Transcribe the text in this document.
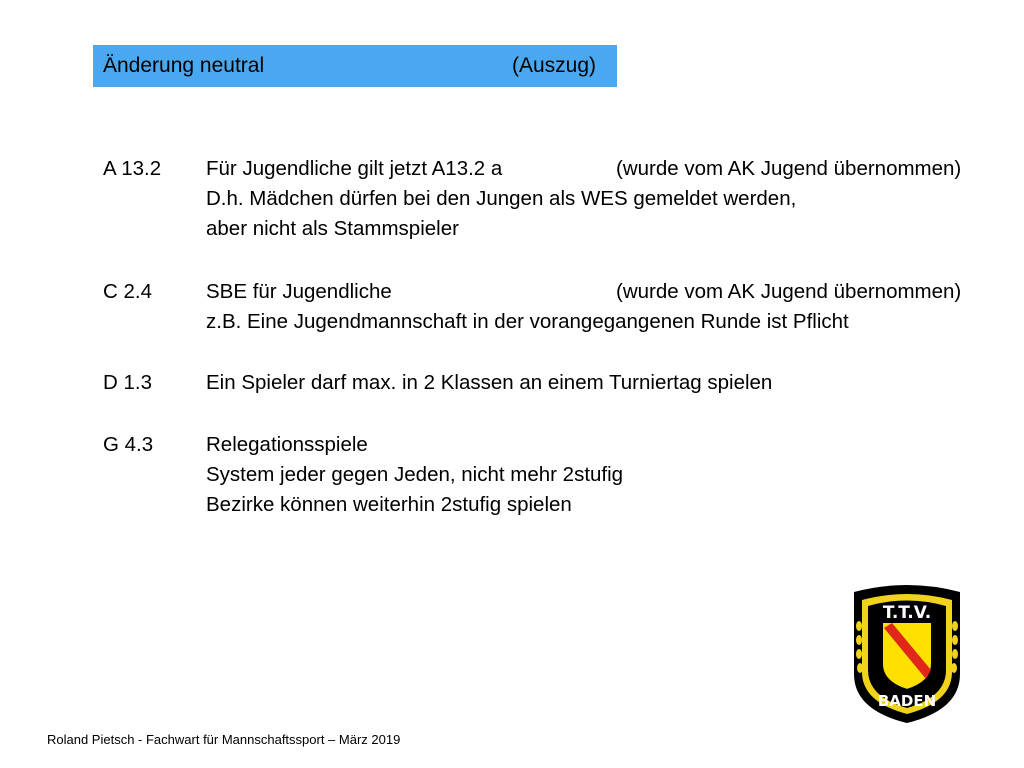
Änderung neutral	(Auszug)
A 13.2 Für Jugendliche gilt jetzt A13.2 a	(wurde vom AK Jugend übernommen)
D.h. Mädchen dürfen bei den Jungen als WES gemeldet werden,
aber nicht als Stammspieler
C 2.4	SBE für Jugendliche	(wurde vom AK Jugend übernommen)
z.B. Eine Jugendmannschaft in der vorangegangenen Runde ist Pflicht
D 1.3	Ein Spieler darf max. in 2 Klassen an einem Turniertag spielen
G 4.3	Relegationsspiele
System jeder gegen Jeden, nicht mehr 2stufig
Bezirke können weiterhin 2stufig spielen
Roland Pietsch - Fachwart für Mannschaftssport – März 2019
T.T.V.
BADEN
